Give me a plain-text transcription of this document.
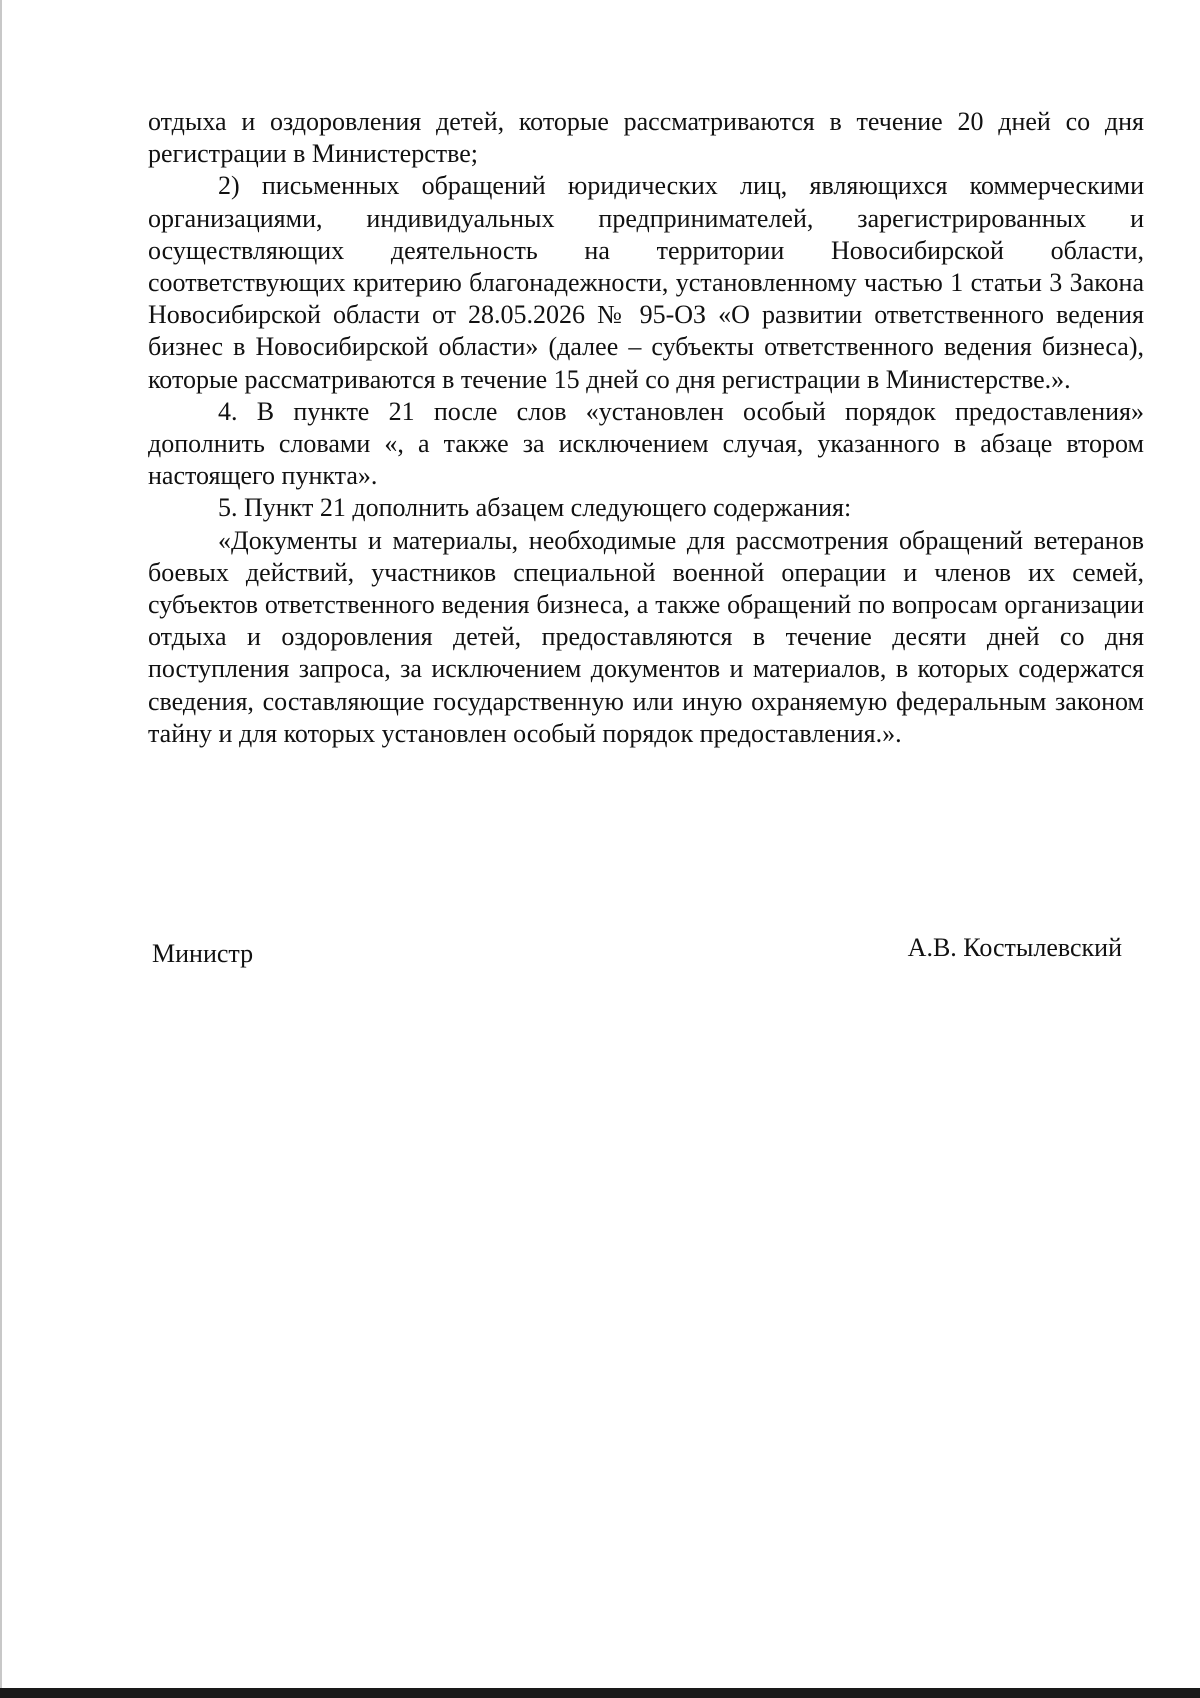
отдыха и оздоровления детей, которые рассматриваются в течение 20 дней со дня регистрации в Министерстве;

2) письменных обращений юридических лиц, являющихся коммерческими организациями, индивидуальных предпринимателей, зарегистрированных и осуществляющих деятельность на территории Новосибирской области, соответствующих критерию благонадежности, установленному частью 1 статьи 3 Закона Новосибирской области от 28.05.2026 № 95-ОЗ «О развитии ответственного ведения бизнес в Новосибирской области» (далее – субъекты ответственного ведения бизнеса), которые рассматриваются в течение 15 дней со дня регистрации в Министерстве.».

4. В пункте 21 после слов «установлен особый порядок предоставления» дополнить словами «, а также за исключением случая, указанного в абзаце втором настоящего пункта».

5. Пункт 21 дополнить абзацем следующего содержания:

«Документы и материалы, необходимые для рассмотрения обращений ветеранов боевых действий, участников специальной военной операции и членов их семей, субъектов ответственного ведения бизнеса, а также обращений по вопросам организации отдыха и оздоровления детей, предоставляются в течение десяти дней со дня поступления запроса, за исключением документов и материалов, в которых содержатся сведения, составляющие государственную или иную охраняемую федеральным законом тайну и для которых установлен особый порядок предоставления.».

Министр	А.В. Костылевский
